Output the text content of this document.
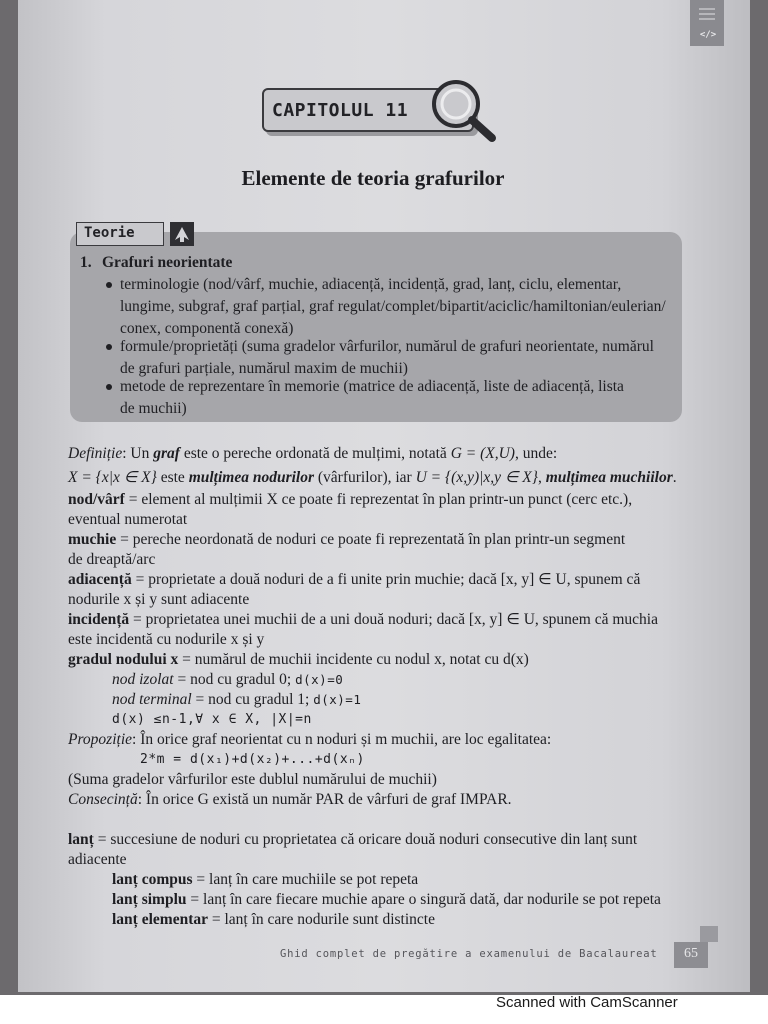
</>
CAPITOLUL 11
Elemente de teoria grafurilor
Teorie
1. Grafuri neorientate
terminologie (nod/vârf, muchie, adiacență, incidență, grad, lanț, ciclu, elementar,
lungime, subgraf, graf parțial, graf regulat/complet/bipartit/aciclic/hamiltonian/eulerian/
conex, componentă conexă)
formule/proprietăți (suma gradelor vârfurilor, numărul de grafuri neorientate, numărul
de grafuri parțiale, numărul maxim de muchii)
metode de reprezentare în memorie (matrice de adiacență, liste de adiacență, lista
de muchii)
Definiție: Un graf este o pereche ordonată de mulțimi, notată G = (X,U), unde:
X = {x|x ∈ X} este mulțimea nodurilor (vârfurilor), iar U = {(x,y)|x,y ∈ X}, mulțimea muchiilor.
nod/vârf = element al mulțimii X ce poate fi reprezentat în plan printr-un punct (cerc etc.),
eventual numerotat
muchie = pereche neordonată de noduri ce poate fi reprezentată în plan printr-un segment
de dreaptă/arc
adiacență = proprietate a două noduri de a fi unite prin muchie; dacă [x, y] ∈ U, spunem că
nodurile x și y sunt adiacente
incidență = proprietatea unei muchii de a uni două noduri; dacă [x, y] ∈ U, spunem că muchia
este incidentă cu nodurile x și y
gradul nodului x = numărul de muchii incidente cu nodul x, notat cu d(x)
nod izolat = nod cu gradul 0; d(x)=0
nod terminal = nod cu gradul 1; d(x)=1
d(x) ≤n-1,∀ x ∈ X, |X|=n
Propoziție: În orice graf neorientat cu n noduri și m muchii, are loc egalitatea:
2*m = d(x₁)+d(x₂)+...+d(xₙ)
(Suma gradelor vârfurilor este dublul numărului de muchii)
Consecință: În orice G există un număr PAR de vârfuri de graf IMPAR.
lanț = succesiune de noduri cu proprietatea că oricare două noduri consecutive din lanț sunt
adiacente
lanț compus = lanț în care muchiile se pot repeta
lanț simplu = lanț în care fiecare muchie apare o singură dată, dar nodurile se pot repeta
lanț elementar = lanț în care nodurile sunt distincte
Ghid complet de pregătire a examenului de Bacalaureat	65
Scanned with CamScanner
